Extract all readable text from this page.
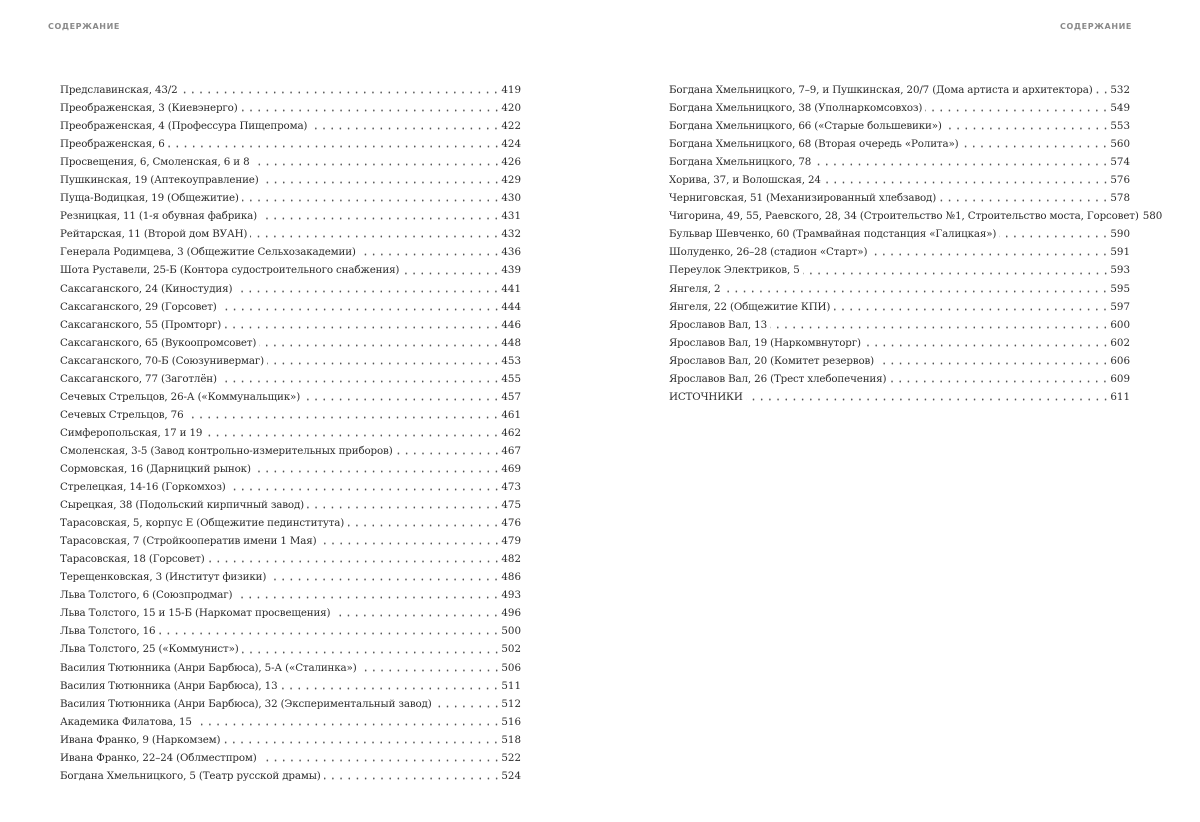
СОДЕРЖАНИЕ	СОДЕРЖАНИЕ
Предславинская, 43/2	419
Преображенская, 3 (Киевэнерго)	420
Преображенская, 4 (Профессура Пищепрома)	422
Преображенская, 6	424
Просвещения, 6, Смоленская, 6 и 8	426
Пушкинская, 19 (Аптекоуправление)	429
Пуща-Водицкая, 19 (Общежитие)	430
Резницкая, 11 (1-я обувная фабрика)	431
Рейтарская, 11 (Второй дом ВУАН)	432
Генерала Родимцева, 3 (Общежитие Сельхозакадемии)	436
Шота Руставели, 25-Б (Контора судостроительного снабжения)	439
Саксаганского, 24 (Киностудия)	441
Саксаганского, 29 (Горсовет)	444
Саксаганского, 55 (Промторг)	446
Саксаганского, 65 (Вукоопромсовет)	448
Саксаганского, 70-Б (Союзунивермаг)	453
Саксаганского, 77 (Заготлён)	455
Сечевых Стрельцов, 26-А («Коммунальщик»)	457
Сечевых Стрельцов, 76	461
Симферопольская, 17 и 19	462
Смоленская, 3-5 (Завод контрольно-измерительных приборов)	467
Сормовская, 16 (Дарницкий рынок)	469
Стрелецкая, 14-16 (Горкомхоз)	473
Сырецкая, 38 (Подольский кирпичный завод)	475
Тарасовская, 5, корпус Е (Общежитие пединститута)	476
Тарасовская, 7 (Стройкооператив имени 1 Мая)	479
Тарасовская, 18 (Горсовет)	482
Терещенковская, 3 (Институт физики)	486
Льва Толстого, 6 (Союзпродмаг)	493
Льва Толстого, 15 и 15-Б (Наркомат просвещения)	496
Льва Толстого, 16	500
Льва Толстого, 25 («Коммунист»)	502
Василия Тютюнника (Анри Барбюса), 5-А («Сталинка»)	506
Василия Тютюнника (Анри Барбюса), 13	511
Василия Тютюнника (Анри Барбюса), 32 (Экспериментальный завод)	512
Академика Филатова, 15	516
Ивана Франко, 9 (Наркомзем)	518
Ивана Франко, 22–24 (Облместпром)	522
Богдана Хмельницкого, 5 (Театр русской драмы)	524
Богдана Хмельницкого, 7–9, и Пушкинская, 20/7 (Дома артиста и архитектора) 532
Богдана Хмельницкого, 38 (Уполнаркомсовхоз)	549
Богдана Хмельницкого, 66 («Старые большевики»)	553
Богдана Хмельницкого, 68 (Вторая очередь «Ролита»)	560
Богдана Хмельницкого, 78	574
Хорива, 37, и Волошская, 24	576
Черниговская, 51 (Механизированный хлебзавод)	578
Чигорина, 49, 55, Раевского, 28, 34 (Строительство №1, Строительство моста, Горсовет) 580
Бульвар Шевченко, 60 (Трамвайная подстанция «Галицкая»)	590
Шолуденко, 26–28 (стадион «Старт»)	591
Переулок Электриков, 5	593
Янгеля, 2	595
Янгеля, 22 (Общежитие КПИ)	597
Ярославов Вал, 13	600
Ярославов Вал, 19 (Наркомвнуторг)	602
Ярославов Вал, 20 (Комитет резервов)	606
Ярославов Вал, 26 (Трест хлебопечения)	609
ИСТОЧНИКИ	611
